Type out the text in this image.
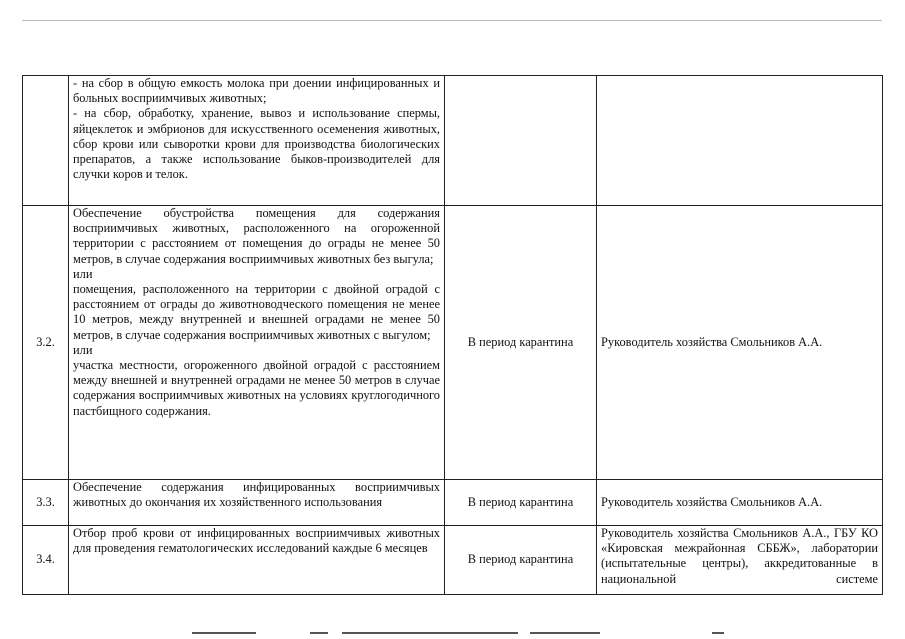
	- на сбор в общую емкость молока при доении инфицированных и больных восприимчивых животных;
- на сбор, обработку, хранение, вывоз и использование спермы, яйцеклеток и эмбрионов для искусственного осеменения животных, сбор крови или сыворотки крови для производства биологических препаратов, а также использование быков-производителей для случки коров и телок.		

3.2.	Обеспечение обустройства помещения для содержания восприимчивых животных, расположенного на огороженной территории с расстоянием от помещения до ограды не менее 50 метров, в случае содержания восприимчивых животных без выгула;
или
помещения, расположенного на территории с двойной оградой с расстоянием от ограды до животноводческого помещения не менее 10 метров, между внутренней и внешней оградами не менее 50 метров, в случае содержания восприимчивых животных с выгулом;
или
участка местности, огороженного двойной оградой с расстоянием между внешней и внутренней оградами не менее 50 метров в случае содержания восприимчивых животных на условиях круглогодичного пастбищного содержания.	В период карантина	Руководитель хозяйства Смольников А.А.
3.3.	Обеспечение содержания инфицированных восприимчивых животных до окончания их хозяйственного использования	В период карантина	Руководитель хозяйства Смольников А.А.
3.4.	Отбор проб крови от инфицированных восприимчивых животных для проведения гематологических исследований каждые 6 месяцев	В период карантина	Руководитель хозяйства Смольников А.А., ГБУ КО «Кировская межрайонная СББЖ», лаборатории (испытательные центры), аккредитованные в национальной системе
